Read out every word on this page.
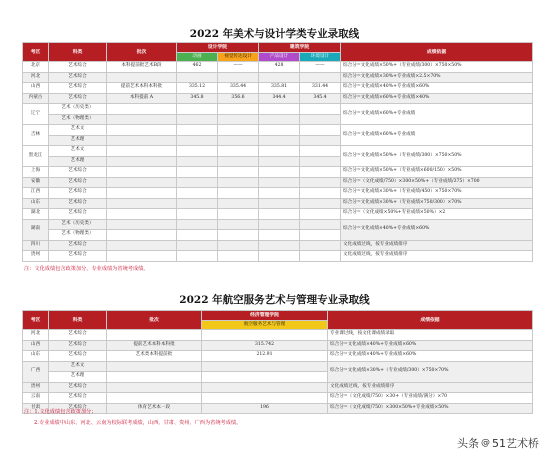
2022 年美术与设计学类专业录取线
考区	科类	批次	设计学院		建筑学院		成绩依据
			动画	视觉传达设计	产品设计	环境设计	
北京	艺术综合	本科提前批艺术B段	462	——	428	——	综合分=文化成绩×50%+（专业成绩/300）×750×50%
河北	艺术综合						综合分=文化成绩×30%+专业成绩×2.5×70%
山西	艺术综合	提前艺术本科本科批	335.12	335.44	335.81	331.44	综合分=文化成绩×40%+专业成绩×60%
内蒙古	艺术综合	本科提前 A	345.8	356.6	344.4	345.4	综合分=文化成绩×60%+专业成绩×40%
辽宁	艺术（历史类）						综合分=文化成绩×60%+专业成绩
	艺术（物理类）						
吉林	艺术文						综合分=文化成绩×60%+专业成绩
	艺术理						
黑龙江	艺术文						综合分=文化成绩×50%+（专业成绩/300）×750×50%
	艺术理						
上海	艺术综合						综合分=文化成绩×50%+（专业成绩×600/150）×50%
安徽	艺术综合						综合分=（文化成绩/750）×300×50%+（专业成绩/375）×700
江西	艺术综合						综合分=文化成绩×30%+（专业成绩/450）×750×70%
山东	艺术综合						综合分=文化成绩×30%+（专业成绩×750/300）×70%
湖北	艺术综合						综合分=（文化成绩×50%+专业成绩×50%）×2
湖南	艺术（历史类）						综合分=文化成绩×40%+专业成绩×60%
	艺术（物理类）						
四川	艺术综合						文化成绩过线，按专业成绩排序
贵州	艺术综合						文化成绩过线，按专业成绩排序
注：文化成绩包含政策加分，专业成绩为省统考成绩。
2022 年航空服务艺术与管理专业录取线
考区	科类	批次	经济管理学院	成绩依据
			航空服务艺术与管理	
河北	艺术综合			专业课过线，按文化课成绩录取
山西	艺术综合	提前艺术本科本科批	315.742	综合分=文化成绩×40%+专业成绩×60%
山东	艺术综合	艺术类本科提前批	212.91	综合分=文化成绩×40%+专业成绩×60%
广西	艺术文			综合分=文化成绩×30%+（专业成绩/300）×750×70%
	艺术理			
贵州	艺术综合			文化成绩过线，按专业成绩排序
云南	艺术综合			综合分=（文化成绩/750）×30+（专业成绩/满分）×70
甘肃	艺术综合	体育艺术本一段	196	综合分=（文化成绩/750）×300×50%+专业成绩×50%
注：1.文化成绩包含政策加分；
2.专业成绩中山东、河北、云南为校际联考成绩，山西、甘肃、贵州、广西为省统考成绩。
头条 @ 51艺术桥
